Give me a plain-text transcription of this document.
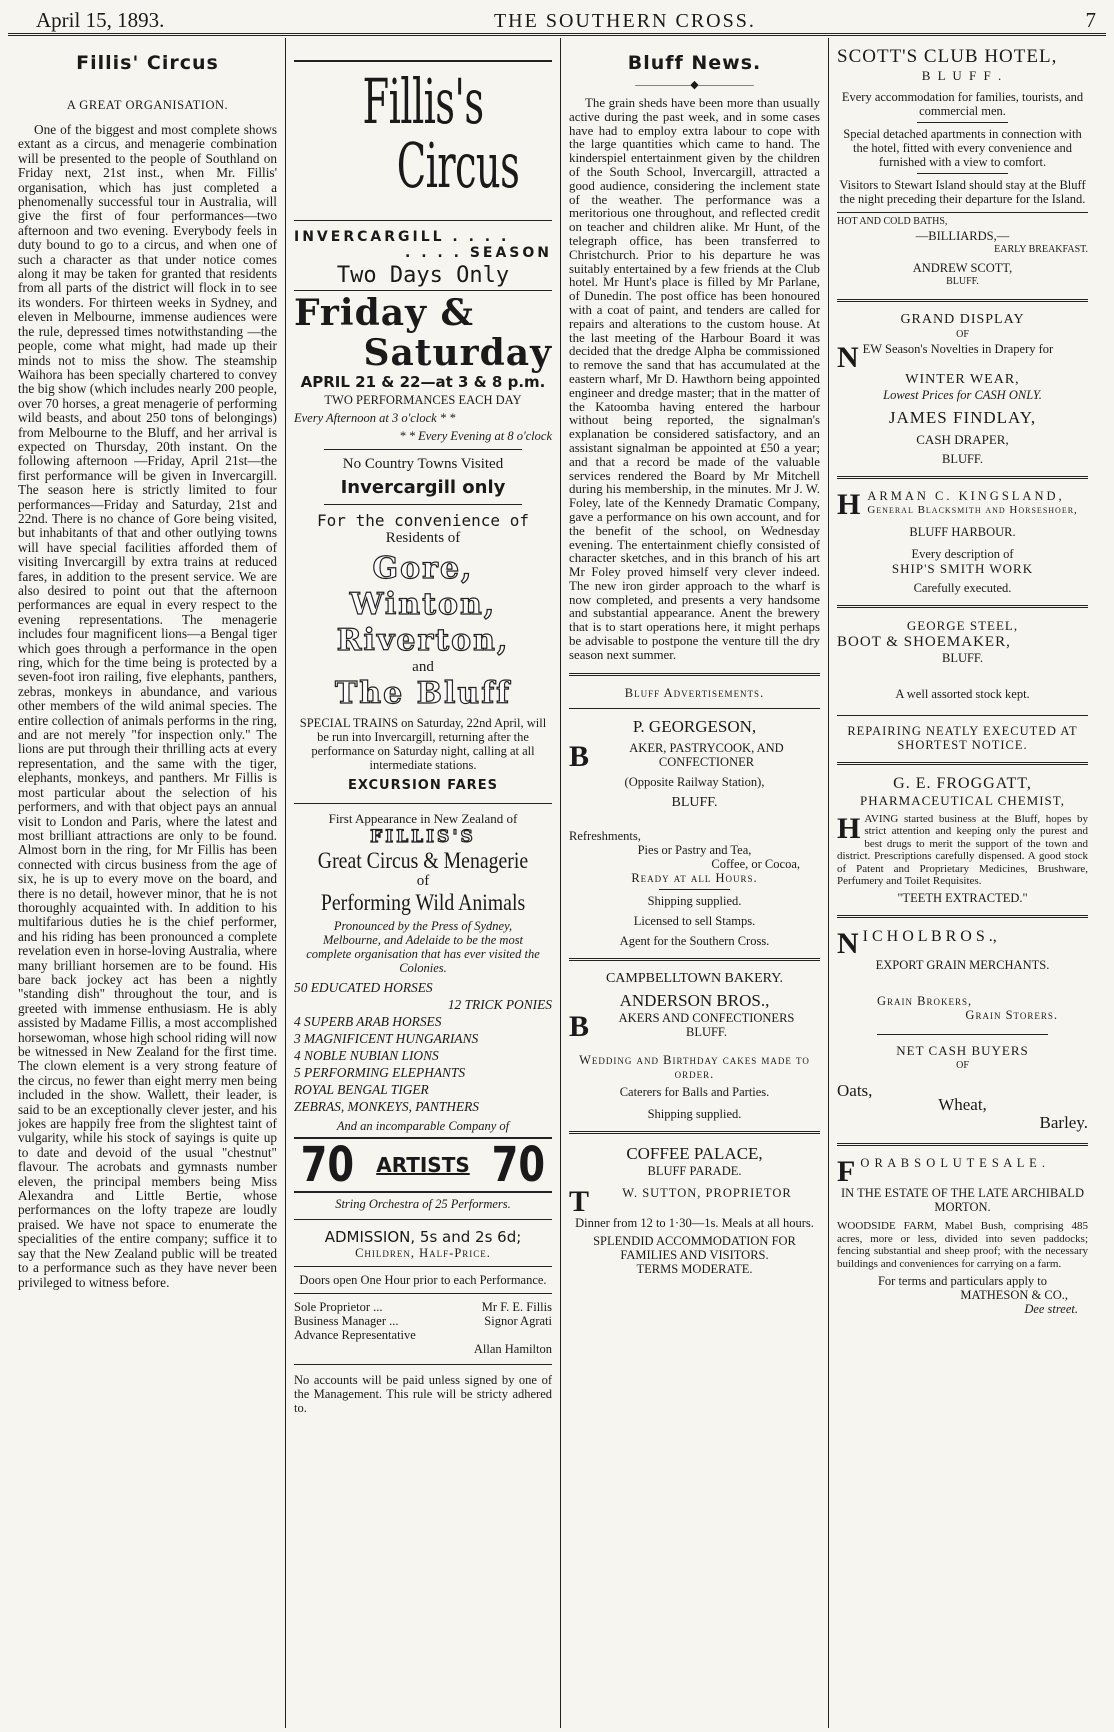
April 15, 1893.	THE SOUTHERN CROSS.	7
Fillis' Circus
A GREAT ORGANISATION.

One of the biggest and most complete shows extant as a circus, and menagerie combination will be presented to the people of Southland on Friday next, 21st inst., when Mr. Fillis' organisation, which has just completed a phenomenally successful tour in Australia, will give the first of four performances—two afternoon and two evening. Everybody feels in duty bound to go to a circus, and when one of such a character as that under notice comes along it may be taken for granted that residents from all parts of the district will flock in to see its wonders. For thirteen weeks in Sydney, and eleven in Melbourne, immense audiences were the rule, depressed times notwithstanding —the people, come what might, had made up their minds not to miss the show. The steamship Waihora has been specially chartered to convey the big show (which includes nearly 200 people, over 70 horses, a great menagerie of performing wild beasts, and about 250 tons of belongings) from Melbourne to the Bluff, and her arrival is expected on Thursday, 20th instant. On the following afternoon —Friday, April 21st—the first performance will be given in Invercargill. The season here is strictly limited to four performances—Friday and Saturday, 21st and 22nd. There is no chance of Gore being visited, but inhabitants of that and other outlying towns will have special facilities afforded them of visiting Invercargill by extra trains at reduced fares, in addition to the present service. We are also desired to point out that the afternoon performances are equal in every respect to the evening representations. The menagerie includes four magnificent lions—a Bengal tiger which goes through a performance in the open ring, which for the time being is protected by a seven-foot iron railing, five elephants, panthers, zebras, monkeys in abundance, and various other members of the wild animal species. The entire collection of animals performs in the ring, and are not merely "for inspection only." The lions are put through their thrilling acts at every representation, and the same with the tiger, elephants, monkeys, and panthers. Mr Fillis is most particular about the selection of his performers, and with that object pays an annual visit to London and Paris, where the latest and most brilliant attractions are only to be found. Almost born in the ring, for Mr Fillis has been connected with circus business from the age of six, he is up to every move on the board, and there is no detail, however minor, that he is not thoroughly acquainted with. In addition to his multifarious duties he is the chief performer, and his riding has been pronounced a complete revelation even in horse-loving Australia, where many brilliant horsemen are to be found. His bare back jockey act has been a nightly "standing dish" throughout the tour, and is greeted with immense enthusiasm. He is ably assisted by Madame Fillis, a most accomplished horsewoman, whose high school riding will now be witnessed in New Zealand for the first time. The clown element is a very strong feature of the circus, no fewer than eight merry men being included in the show. Wallett, their leader, is said to be an exceptionally clever jester, and his jokes are happily free from the slightest taint of vulgarity, while his stock of sayings is quite up to date and devoid of the usual "chestnut" flavour. The acrobats and gymnasts number eleven, the principal members being Miss Alexandra and Little Bertie, whose performances on the lofty trapeze are loudly praised. We have not space to enumerate the specialities of the entire company; suffice it to say that the New Zealand public will be treated to a performance such as they have never been privileged to witness before.

Fillis's
Circus
INVERCARGILL . . . .
. . . . SEASON
Two Days Only
Friday &
Saturday
APRIL 21 & 22—at 3 & 8 p.m.
TWO PERFORMANCES EACH DAY
Every Afternoon at 3 o'clock * *
* * Every Evening at 8 o'clock
No Country Towns Visited
Invercargill only
For the convenience of
Residents of
Gore,
Winton,
Riverton,
and
The Bluff
SPECIAL TRAINS on Saturday, 22nd April, will be run into Invercargill, returning after the performance on Saturday night, calling at all intermediate stations.
EXCURSION FARES
First Appearance in New Zealand of
FILLIS'S
Great Circus & Menagerie
of
Performing Wild Animals
Pronounced by the Press of Sydney, Melbourne, and Adelaide to be the most complete organisation that has ever visited the Colonies.
50 EDUCATED HORSES
12 TRICK PONIES
4 SUPERB ARAB HORSES
3 MAGNIFICENT HUNGARIANS
4 NOBLE NUBIAN LIONS
5 PERFORMING ELEPHANTS
ROYAL BENGAL TIGER
ZEBRAS, MONKEYS, PANTHERS
And an incomparable Company of
70 ARTISTS 70
String Orchestra of 25 Performers.
ADMISSION, 5s and 2s 6d;
Children, Half-Price.
Doors open One Hour prior to each Performance.
Sole Proprietor ...	Mr F. E. Fillis
Business Manager ...	Signor Agrati
Advance Representative
Allan Hamilton
No accounts will be paid unless signed by one of the Management. This rule will be stricty adhered to.
Bluff News.
—————◆—————

The grain sheds have been more than usually active during the past week, and in some cases have had to employ extra labour to cope with the large quantities which came to hand. The kinderspiel entertainment given by the children of the South School, Invercargill, attracted a good audience, considering the inclement state of the weather. The performance was a meritorious one throughout, and reflected credit on teacher and children alike. Mr Hunt, of the telegraph office, has been transferred to Christchurch. Prior to his departure he was suitably entertained by a few friends at the Club hotel. Mr Hunt's place is filled by Mr Parlane, of Dunedin. The post office has been honoured with a coat of paint, and tenders are called for repairs and alterations to the custom house. At the last meeting of the Harbour Board it was decided that the dredge Alpha be commissioned to remove the sand that has accumulated at the eastern wharf, Mr D. Hawthorn being appointed engineer and dredge master; that in the matter of the Katoomba having entered the harbour without being reported, the signalman's explanation be considered satisfactory, and an assistant signalman be appointed at £50 a year; and that a record be made of the valuable services rendered the Board by Mr Mitchell during his membership, in the minutes. Mr J. W. Foley, late of the Kennedy Dramatic Company, gave a performance on his own account, and for the benefit of the school, on Wednesday evening. The entertainment chiefly consisted of character sketches, and in this branch of his art Mr Foley proved himself very clever indeed. The new iron girder approach to the wharf is now completed, and presents a very handsome and substantial appearance. Anent the brewery that is to start operations here, it might perhaps be advisable to postpone the venture till the dry season next summer.

Bluff Advertisements.
P. GEORGESON,
B	AKER, PASTRYCOOK, AND CONFECTIONER
(Opposite Railway Station),
BLUFF.
Refreshments,
Pies or Pastry and Tea,
Coffee, or Cocoa,
Ready at all Hours.
Shipping supplied.
Licensed to sell Stamps.
Agent for the Southern Cross.
CAMPBELLTOWN BAKERY.
ANDERSON BROS.,
B AKERS AND CONFECTIONERS
BLUFF.
Wedding and Birthday cakes made to order.
Caterers for Balls and Parties.
Shipping supplied.
COFFEE PALACE,
BLUFF PARADE.
T	W. SUTTON, PROPRIETOR
Dinner from 12 to 1·30—1s. Meals at all hours.
SPLENDID ACCOMMODATION FOR FAMILIES AND VISITORS.
TERMS MODERATE.
SCOTT'S CLUB HOTEL,
B L U F F .
Every accommodation for families, tourists, and commercial men.
Special detached apartments in connection with the hotel, fitted with every convenience and furnished with a view to comfort.
Visitors to Stewart Island should stay at the Bluff the night preceding their departure for the Island.
HOT AND COLD BATHS,
—BILLIARDS,—
EARLY BREAKFAST.
ANDREW SCOTT,
BLUFF.
GRAND DISPLAY
OF
NEW Season's Novelties in Drapery for
WINTER WEAR,
Lowest Prices for CASH ONLY.
JAMES FINDLAY,
CASH DRAPER,
BLUFF.
HARMAN C. KINGSLAND,
General Blacksmith and Horseshoer,
BLUFF HARBOUR.
Every description of
SHIP'S SMITH WORK
Carefully executed.
GEORGE STEEL,
BOOT & SHOEMAKER,
BLUFF.
A well assorted stock kept.
REPAIRING NEATLY EXECUTED AT SHORTEST NOTICE.
G. E. FROGGATT,
PHARMACEUTICAL CHEMIST,
HAVING started business at the Bluff, hopes by strict attention and keeping only the purest and best drugs to merit the support of the town and district. Prescriptions carefully dispensed. A good stock of Patent and Proprietary Medicines, Brushware, Perfumery and Toilet Requisites.
"TEETH EXTRACTED."
N I C H O L B R O S .,
EXPORT GRAIN MERCHANTS.
Grain Brokers,
Grain Storers.
NET CASH BUYERS
OF
Oats,
Wheat,
Barley.
F O R A B S O L U T E S A L E .
IN THE ESTATE OF THE LATE ARCHIBALD MORTON.
WOODSIDE FARM, Mabel Bush, comprising 485 acres, more or less, divided into seven paddocks; fencing substantial and sheep proof; with the necessary buildings and conveniences for carrying on a farm.
For terms and particulars apply to
MATHESON & CO.,
Dee street.
